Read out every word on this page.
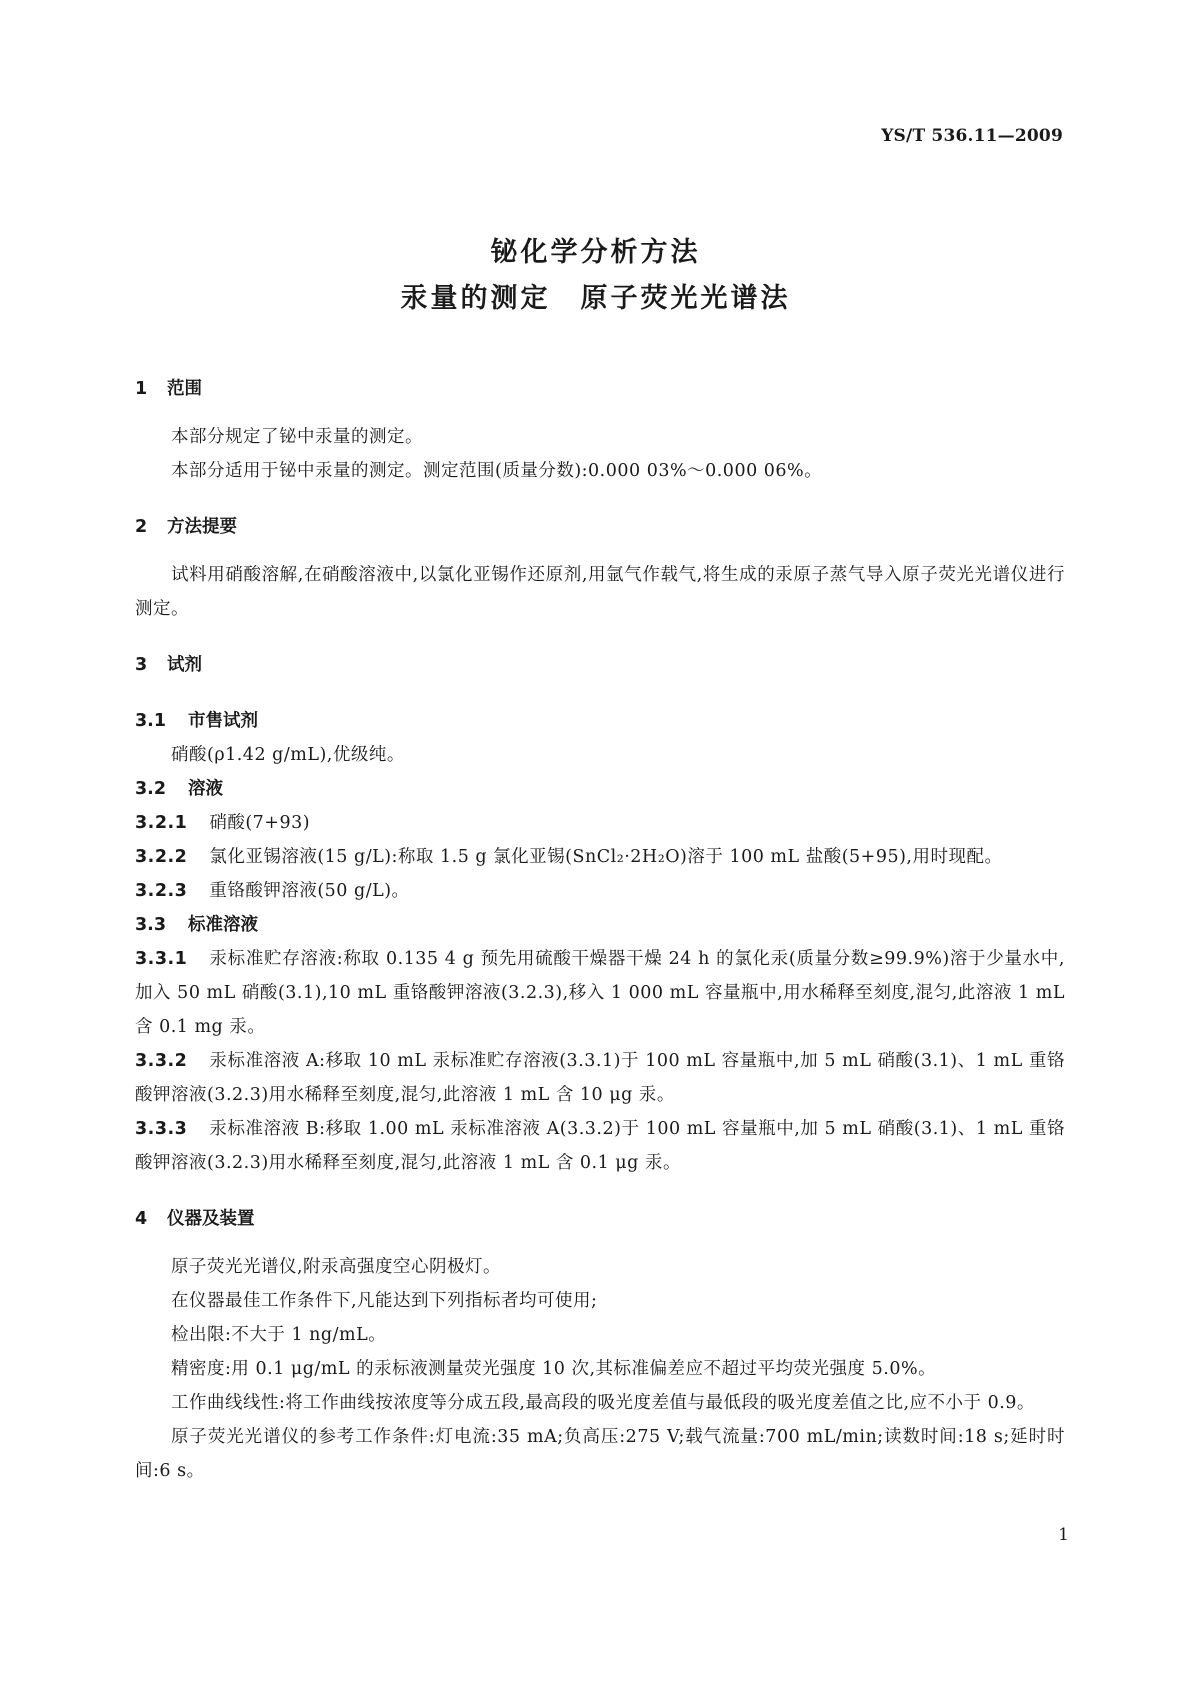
YS/T 536.11—2009
铋化学分析方法
汞量的测定 原子荧光光谱法
1 范围

本部分规定了铋中汞量的测定。

本部分适用于铋中汞量的测定。测定范围(质量分数):0.000 03%～0.000 06%。

2 方法提要

试料用硝酸溶解,在硝酸溶液中,以氯化亚锡作还原剂,用氩气作载气,将生成的汞原子蒸气导入原子荧光光谱仪进行测定。

3 试剂
3.1 市售试剂

硝酸(ρ1.42 g/mL),优级纯。

3.2 溶液

3.2.1 硝酸(7+93)

3.2.2 氯化亚锡溶液(15 g/L):称取 1.5 g 氯化亚锡(SnCl₂·2H₂O)溶于 100 mL 盐酸(5+95),用时现配。

3.2.3 重铬酸钾溶液(50 g/L)。

3.3 标准溶液

3.3.1 汞标准贮存溶液:称取 0.135 4 g 预先用硫酸干燥器干燥 24 h 的氯化汞(质量分数≥99.9%)溶于少量水中,加入 50 mL 硝酸(3.1),10 mL 重铬酸钾溶液(3.2.3),移入 1 000 mL 容量瓶中,用水稀释至刻度,混匀,此溶液 1 mL 含 0.1 mg 汞。

3.3.2 汞标准溶液 A:移取 10 mL 汞标准贮存溶液(3.3.1)于 100 mL 容量瓶中,加 5 mL 硝酸(3.1)、1 mL 重铬酸钾溶液(3.2.3)用水稀释至刻度,混匀,此溶液 1 mL 含 10 μg 汞。

3.3.3 汞标准溶液 B:移取 1.00 mL 汞标准溶液 A(3.3.2)于 100 mL 容量瓶中,加 5 mL 硝酸(3.1)、1 mL 重铬酸钾溶液(3.2.3)用水稀释至刻度,混匀,此溶液 1 mL 含 0.1 μg 汞。

4 仪器及装置

原子荧光光谱仪,附汞高强度空心阴极灯。

在仪器最佳工作条件下,凡能达到下列指标者均可使用;

检出限:不大于 1 ng/mL。

精密度:用 0.1 μg/mL 的汞标液测量荧光强度 10 次,其标准偏差应不超过平均荧光强度 5.0%。

工作曲线线性:将工作曲线按浓度等分成五段,最高段的吸光度差值与最低段的吸光度差值之比,应不小于 0.9。

原子荧光光谱仪的参考工作条件:灯电流:35 mA;负高压:275 V;载气流量:700 mL/min;读数时间:18 s;延时时间:6 s。

1
